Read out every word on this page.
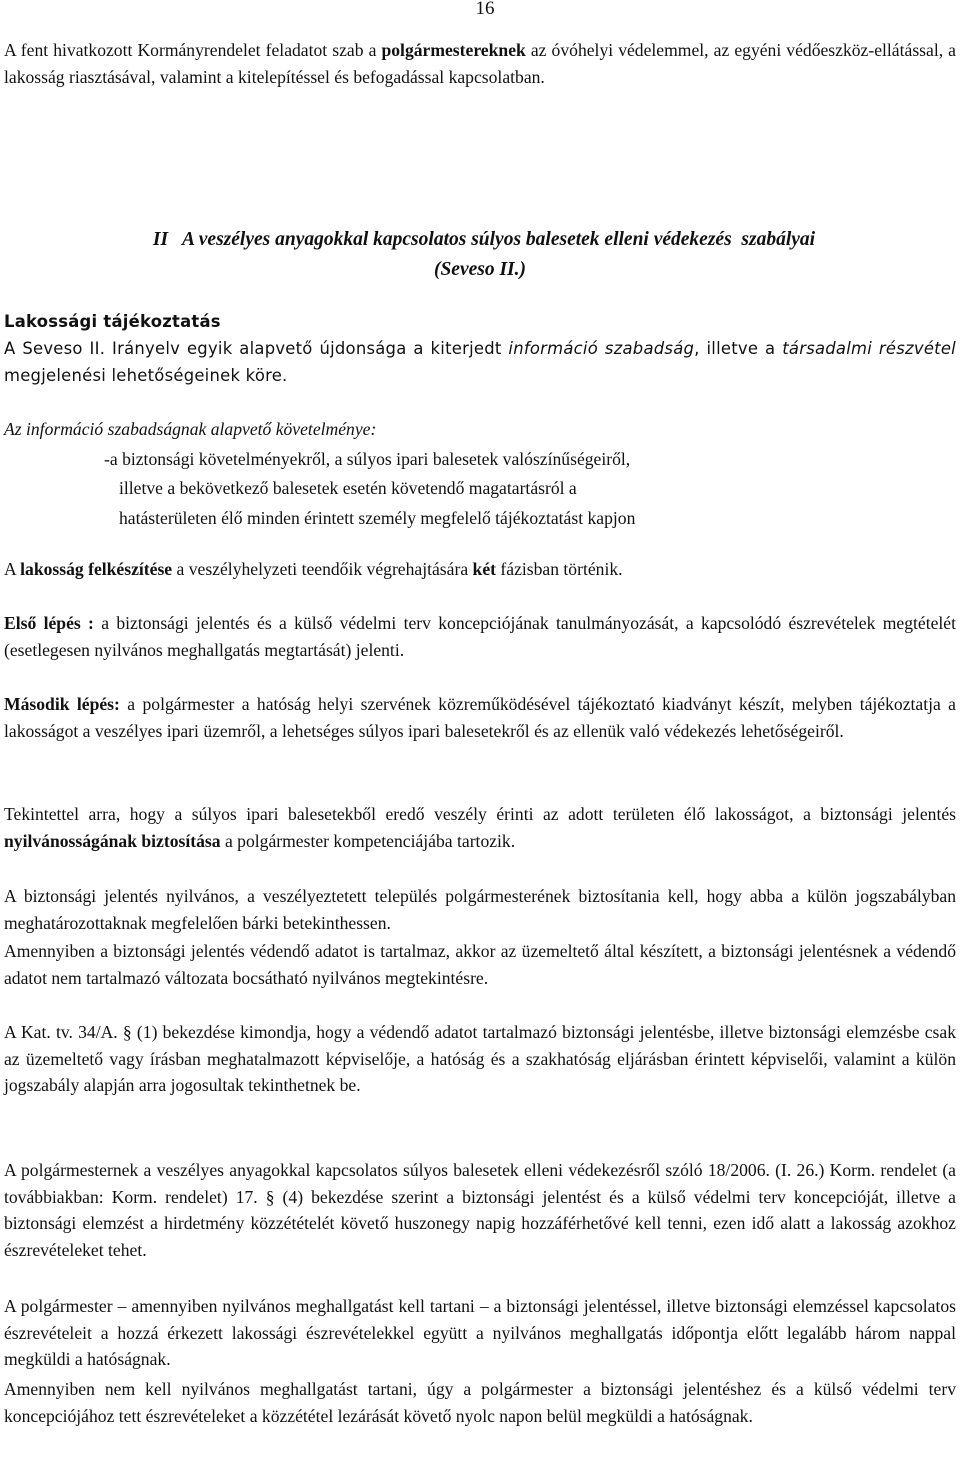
16

A fent hivatkozott Kormányrendelet feladatot szab a polgármestereknek az óvóhelyi védelemmel, az egyéni védőeszköz-ellátással, a lakosság riasztásával, valamint a kitelepítéssel és befogadással kapcsolatban.

II   A veszélyes anyagokkal kapcsolatos súlyos balesetek elleni védekezés  szabályai
(Seveso II.)
Lakossági tájékoztatás

A Seveso II. Irányelv egyik alapvető újdonsága a kiterjedt információ szabadság, illetve a társadalmi részvétel megjelenési lehetőségeinek köre.

Az információ szabadságnak alapvető követelménye:
-a biztonsági követelményekről, a súlyos ipari balesetek valószínűségeiről,
illetve a bekövetkező balesetek esetén követendő magatartásról a
hatásterületen élő minden érintett személy megfelelő tájékoztatást kapjon

A lakosság felkészítése a veszélyhelyzeti teendőik végrehajtására két fázisban történik.

Első lépés : a biztonsági jelentés és a külső védelmi terv koncepciójának tanulmányozását, a kapcsolódó észrevételek megtételét (esetlegesen nyilvános meghallgatás megtartását) jelenti.

Második lépés: a polgármester a hatóság helyi szervének közreműködésével tájékoztató kiadványt készít, melyben tájékoztatja a lakosságot a veszélyes ipari üzemről, a lehetséges súlyos ipari balesetekről és az ellenük való védekezés lehetőségeiről.

Tekintettel arra, hogy a súlyos ipari balesetekből eredő veszély érinti az adott területen élő lakosságot, a biztonsági jelentés nyilvánosságának biztosítása a polgármester kompetenciájába tartozik.

A biztonsági jelentés nyilvános, a veszélyeztetett település polgármesterének biztosítania kell, hogy abba a külön jogszabályban meghatározottaknak megfelelően bárki betekinthessen.

Amennyiben a biztonsági jelentés védendő adatot is tartalmaz, akkor az üzemeltető által készített, a biztonsági jelentésnek a védendő adatot nem tartalmazó változata bocsátható nyilvános megtekintésre.

A Kat. tv. 34/A. § (1) bekezdése kimondja, hogy a védendő adatot tartalmazó biztonsági jelentésbe, illetve biztonsági elemzésbe csak az üzemeltető vagy írásban meghatalmazott képviselője, a hatóság és a szakhatóság eljárásban érintett képviselői, valamint a külön jogszabály alapján arra jogosultak tekinthetnek be.

A polgármesternek a veszélyes anyagokkal kapcsolatos súlyos balesetek elleni védekezésről szóló 18/2006. (I. 26.) Korm. rendelet (a továbbiakban: Korm. rendelet) 17. § (4) bekezdése szerint a biztonsági jelentést és a külső védelmi terv koncepcióját, illetve a biztonsági elemzést a hirdetmény közzétételét követő huszonegy napig hozzáférhetővé kell tenni, ezen idő alatt a lakosság azokhoz észrevételeket tehet.

A polgármester – amennyiben nyilvános meghallgatást kell tartani – a biztonsági jelentéssel, illetve biztonsági elemzéssel kapcsolatos észrevételeit a hozzá érkezett lakossági észrevételekkel együtt a nyilvános meghallgatás időpontja előtt legalább három nappal megküldi a hatóságnak.

Amennyiben nem kell nyilvános meghallgatást tartani, úgy a polgármester a biztonsági jelentéshez és a külső védelmi terv koncepciójához tett észrevételeket a közzététel lezárását követő nyolc napon belül megküldi a hatóságnak.
